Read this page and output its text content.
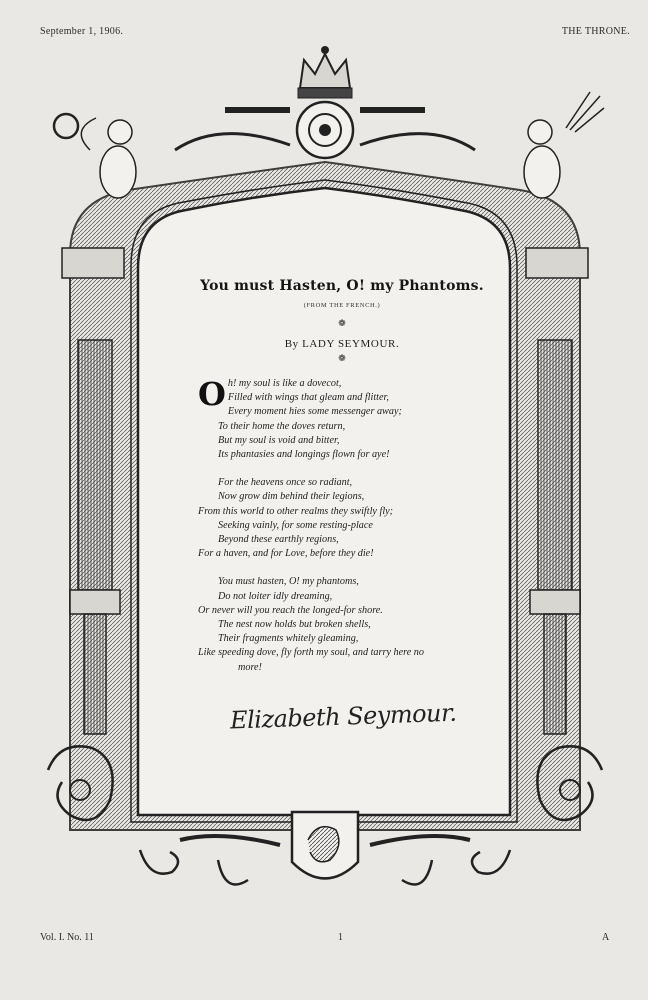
September 1, 1906.	THE THRONE.
You must Hasten, O! my Phantoms.
(FROM THE FRENCH.)
❁
By LADY SEYMOUR.
❁
O h! my soul is like a dovecot,
Filled with wings that gleam and flitter,
Every moment hies some messenger away;
To their home the doves return,
But my soul is void and bitter,
Its phantasies and longings flown for aye!
For the heavens once so radiant,
Now grow dim behind their legions,
From this world to other realms they swiftly fly;
Seeking vainly, for some resting-place
Beyond these earthly regions,
For a haven, and for Love, before they die!
You must hasten, O! my phantoms,
Do not loiter idly dreaming,
Or never will you reach the longed-for shore.
The nest now holds but broken shells,
Their fragments whitely gleaming,
Like speeding dove, fly forth my soul, and tarry here no
more!
Elizabeth Seymour.
Vol. I. No. 11	1	A
